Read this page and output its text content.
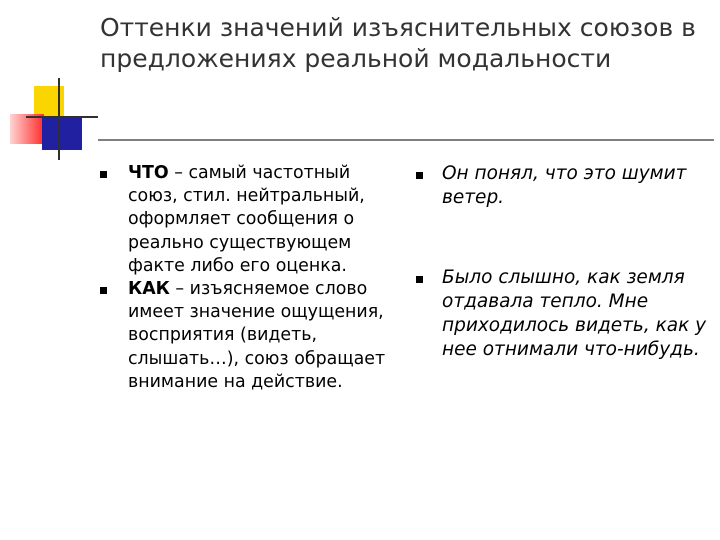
Оттенки значений изъяснительных союзов в предложениях реальной модальности
ЧТО – самый частотный союз, стил. нейтральный, оформляет сообщения о реально существующем факте либо его оценка.
КАК – изъясняемое слово имеет значение ощущения, восприятия (видеть, слышать…), союз обращает внимание на действие.
Он понял, что это шумит ветер.
Было слышно, как земля отдавала тепло. Мне приходилось видеть, как у нее отнимали что-нибудь.
